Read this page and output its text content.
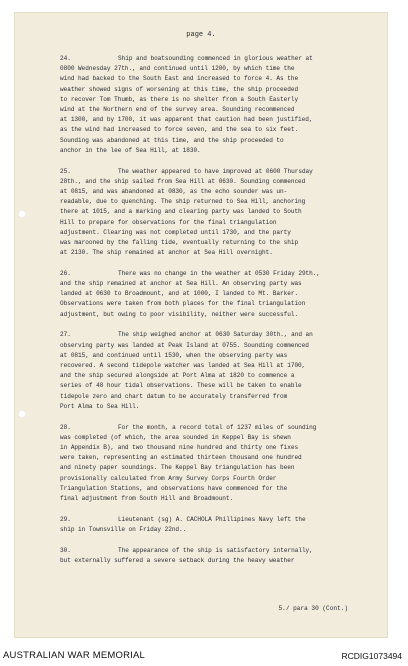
page 4.
24.	Ship and boatsounding commenced in glorious weather at
0800 Wednesday 27th., and continued until 1200, by which time the
wind had backed to the South East and increased to force 4. As the
weather showed signs of worsening at this time, the ship proceeded
to recover Tom Thumb, as there is no shelter from a South Easterly
wind at the Northern end of the survey area. Sounding recommenced
at 1300, and by 1700, it was apparent that caution had been justified,
as the wind had increased to force seven, and the sea to six feet.
Sounding was abandoned at this time, and the ship proceeded to
anchor in the lee of Sea Hill, at 1830.
25.	The weather appeared to have improved at 0600 Thursday
28th., and the ship sailed from Sea Hill at 0630. Sounding commenced
at 0815, and was abandoned at 0830, as the echo sounder was un-
readable, due to quenching. The ship returned to Sea Hill, anchoring
there at 1015, and a marking and clearing party was landed to South
Hill to prepare for observations for the final triangulation
adjustment. Clearing was not completed until 1730, and the party
was marooned by the falling tide, eventually returning to the ship
at 2130. The ship remained at anchor at Sea Hill overnight.
26.	There was no change in the weather at 0530 Friday 29th.,
and the ship remained at anchor at Sea Hill. An observing party was
landed at 0630 to Broadmount, and at 1000, I landed to Mt. Barker.
Observations were taken from both places for the final triangulation
adjustment, but owing to poor visibility, neither were successful.
27.	The ship weighed anchor at 0630 Saturday 30th., and an
observing party was landed at Peak Island at 0755. Sounding commenced
at 0815, and continued until 1530, when the observing party was
recovered. A second tidepole watcher was landed at Sea Hill at 1700,
and the ship secured alongside at Port Alma at 1820 to commence a
series of 48 hour tidal observations. These will be taken to enable
tidepole zero and chart datum to be accurately transferred from
Port Alma to Sea Hill.
28.	For the month, a record total of 1237 miles of sounding
was completed (of which, the area sounded in Keppel Bay is shewn
in Appendix B), and two thousand nine hundred and thirty one fixes
were taken, representing an estimated thirteen thousand one hundred
and ninety paper soundings. The Keppel Bay triangulation has been
provisionally calculated from Army Survey Corps Fourth Order
Triangulation Stations, and observations have commenced for the
final adjustment from South Hill and Broadmount.
29.	Lieutenant (sg) A. CACHOLA Phillipines Navy left the
ship in Townsville on Friday 22nd..
30.	The appearance of the ship is satisfactory internally,
but externally suffered a severe setback during the heavy weather

5./ para 30 (Cont.)

AUSTRALIAN WAR MEMORIAL	RCDIG1073494
